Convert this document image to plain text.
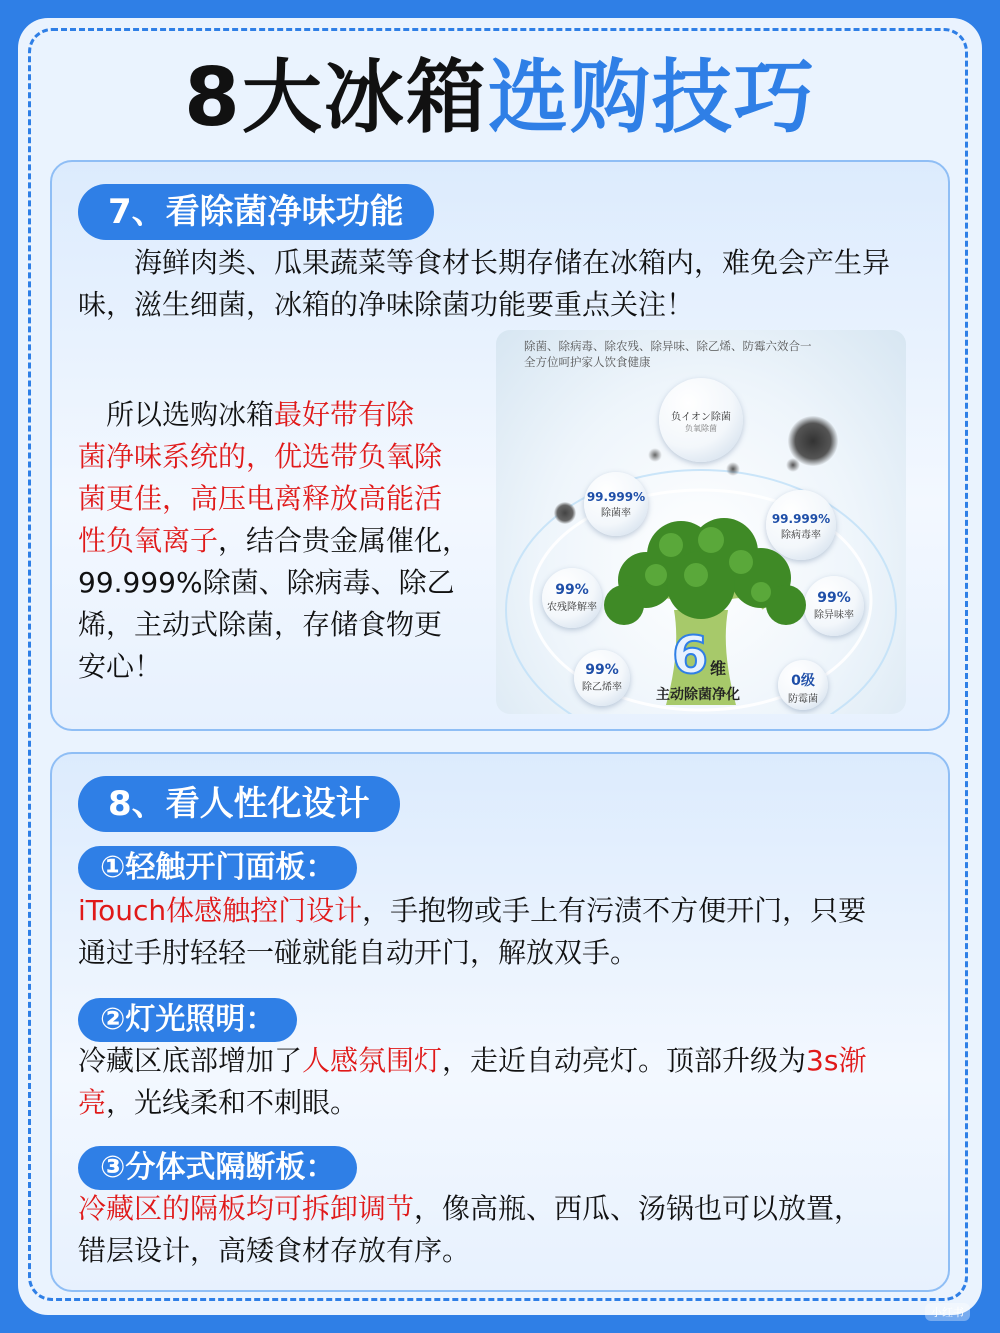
8大冰箱选购技巧
7、看除菌净味功能
海鲜肉类、瓜果蔬菜等食材长期存储在冰箱内，难免会产生异味，滋生细菌，冰箱的净味除菌功能要重点关注！
　所以选购冰箱最好带有除
菌净味系统的，优选带负氧除
菌更佳，高压电离释放高能活
性负氧离子，结合贵金属催化，
99.999%除菌、除病毒、除乙
烯，主动式除菌，存储食物更
安心！
除菌、除病毒、除农残、除异味、除乙烯、防霉六效合一
全方位呵护家人饮食健康
负イオン除菌
负氧除菌
99.999%
除菌率	99.999%
除病毒率
99%
农残降解率
99%
除异味率
99%
除乙烯率	0级
防霉菌
6 维
主动除菌净化
8、看人性化设计
①轻触开门面板：
iTouch体感触控门设计，手抱物或手上有污渍不方便开门，只要
通过手肘轻轻一碰就能自动开门，解放双手。
②灯光照明：
冷藏区底部增加了人感氛围灯，走近自动亮灯。顶部升级为3s渐
亮，光线柔和不刺眼。
③分体式隔断板：
冷藏区的隔板均可拆卸调节，像高瓶、西瓜、汤锅也可以放置，
错层设计，高矮食材存放有序。
小红书
